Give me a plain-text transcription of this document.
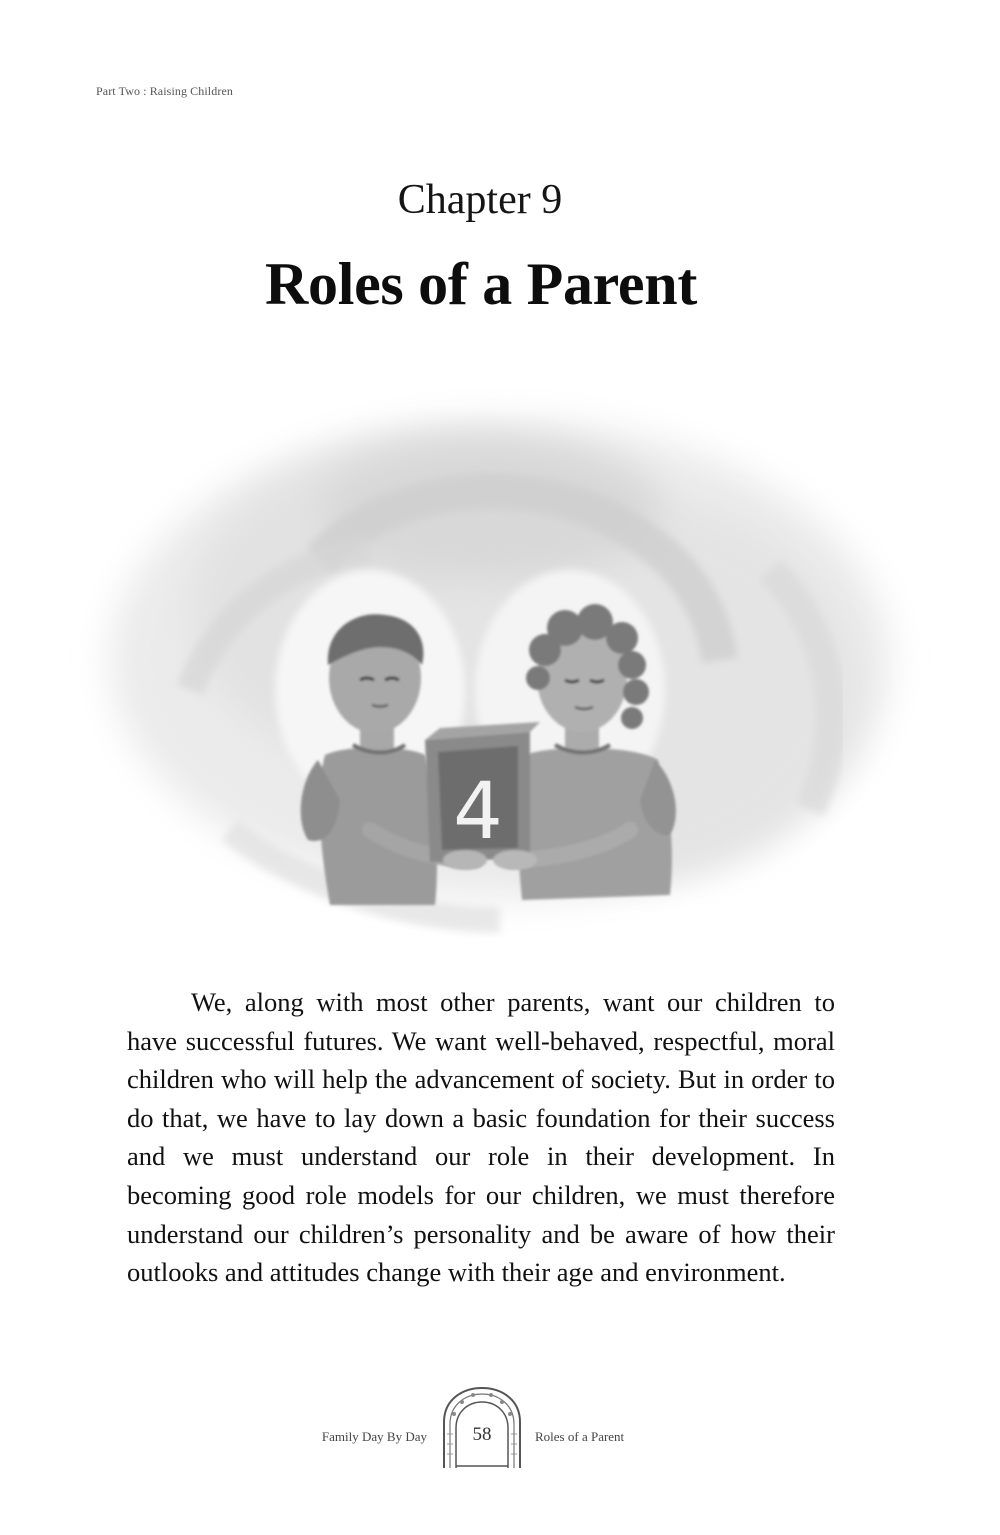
Part Two : Raising Children
Chapter 9
Roles of a Parent
4

We, along with most other parents, want our children to have successful futures. We want well-behaved, respectful, moral children who will help the advancement of society. But in order to do that, we have to lay down a basic foundation for their success and we must understand our role in their development. In becoming good role models for our children, we must therefore understand our children’s personality and be aware of how their outlooks and attitudes change with their age and environment.

Family Day By Day	58	Roles of a Parent
